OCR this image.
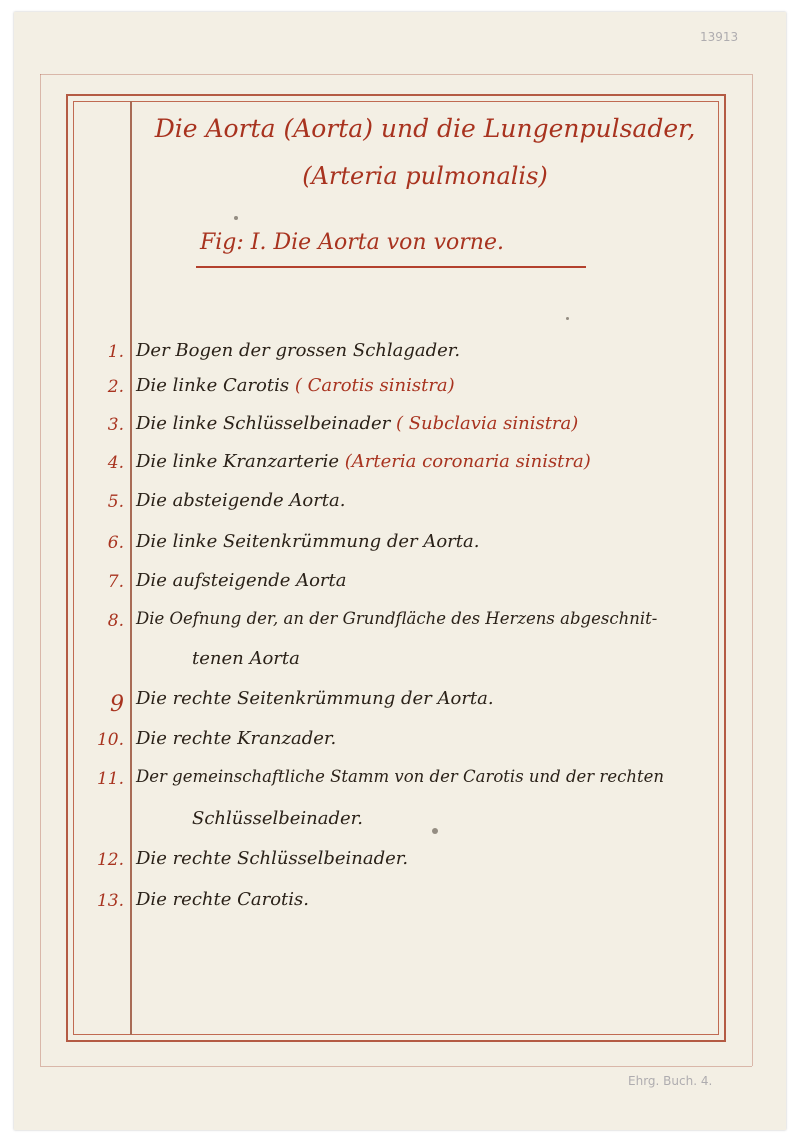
13913
Ehrg. Buch. 4.
Die Aorta (Aorta) und die Lungenpulsader,
(Arteria pulmonalis)
Fig: I. Die Aorta von vorne.
1. Der Bogen der grossen Schlagader.
2. Die linke Carotis ( Carotis sinistra)
3. Die linke Schlüsselbeinader ( Subclavia sinistra)
4. Die linke Kranzarterie (Arteria coronaria sinistra)
5. Die absteigende Aorta.
6. Die linke Seitenkrümmung der Aorta.
7. Die aufsteigende Aorta
8. Die Oefnung der, an der Grundfläche des Herzens abgeschnit-
tenen Aorta
9 Die rechte Seitenkrümmung der Aorta.
10. Die rechte Kranzader.
11. Der gemeinschaftliche Stamm von der Carotis und der rechten
Schlüsselbeinader.
12. Die rechte Schlüsselbeinader.
13. Die rechte Carotis.
